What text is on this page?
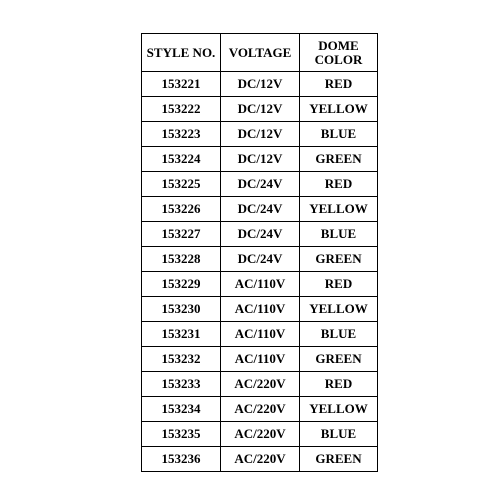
STYLE NO.	VOLTAGE	DOME
COLOR

153221	DC/12V	RED
153222	DC/12V	YELLOW
153223	DC/12V	BLUE
153224	DC/12V	GREEN
153225	DC/24V	RED
153226	DC/24V	YELLOW
153227	DC/24V	BLUE
153228	DC/24V	GREEN
153229	AC/110V	RED
153230	AC/110V	YELLOW
153231	AC/110V	BLUE
153232	AC/110V	GREEN
153233	AC/220V	RED
153234	AC/220V	YELLOW
153235	AC/220V	BLUE
153236	AC/220V	GREEN
